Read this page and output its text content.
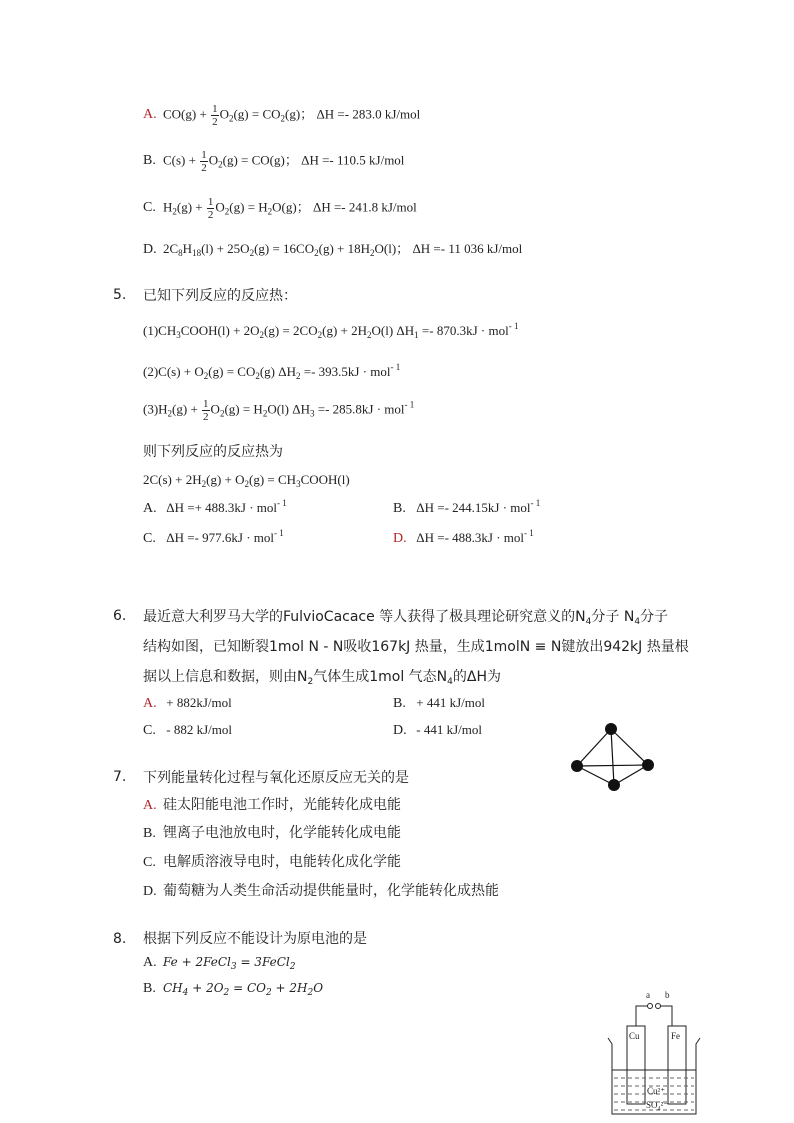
A. $CO(g) + \frac{1}{2} O_2(g) = CO_2(g)$； ΔH =- 283.0 kJ/mol
B. $C(s) + \frac{1}{2} O_2(g) = CO(g)$； ΔH =- 110.5 kJ/mol
C. $H_2(g) + \frac{1}{2} O_2(g) = H_2O(g)$； ΔH =- 241.8 kJ/mol
D. $2C_8H_{18}(l) + 25O_2(g) = 16CO_2(g) + 18H_2O(l)$； ΔH =- 11 036 kJ/mol
5. 已知下列反应的反应热：
$(1)CH_3COOH(l) + 2O_2(g) = 2CO_2(g) + 2H_2O(l) \Delta H_1 =- 870.3kJ \cdot mol^{- 1}$
$(2)C(s) + O_2(g) = CO_2(g) \Delta H_2 =- 393.5kJ \cdot mol^{- 1}$
$(3)H_2(g) + \frac{1}{2} O_2(g) = H_2O(l) \Delta H_3 =- 285.8kJ \cdot mol^{- 1}$
则下列反应的反应热为
$2C(s) + 2H_2(g) + O_2(g)$ = $CH_3COOH(l)$
A. ΔH =+ 488.3kJ · mol$^{- 1}$	B. ΔH =- 244.15kJ · mol$^{- 1}$
C. ΔH =- 977.6kJ · mol$^{- 1}$	D. ΔH =- 488.3kJ · mol$^{- 1}$
6. 最近意大利罗马大学的FulvioCacace 等人获得了极具理论研究意义的$N_4$分子 $N_4$分子
结构如图，已知断裂1mol N - N吸收167kJ 热量，生成1molN ≡ N键放出942kJ 热量根
据以上信息和数据，则由$N_2$气体生成1mol 气态$N_4$的ΔH为
A. + 882kJ/mol	B. + 441 kJ/mol
C. - 882 kJ/mol	D. - 441 kJ/mol
7. 下列能量转化过程与氧化还原反应无关的是
A. 硅太阳能电池工作时，光能转化成电能
B. 锂离子电池放电时，化学能转化成电能
C. 电解质溶液导电时，电能转化成化学能
D. 葡萄糖为人类生命活动提供能量时，化学能转化成热能
8. 根据下列反应不能设计为原电池的是
A. Fe + 2FeCl$_3$ = 3FeCl$_2$
B. $CH_4 + 2O_2 = CO_2 + 2H_2O$	a b
Cu	Fe
Cu²⁺
SO₄²⁻
